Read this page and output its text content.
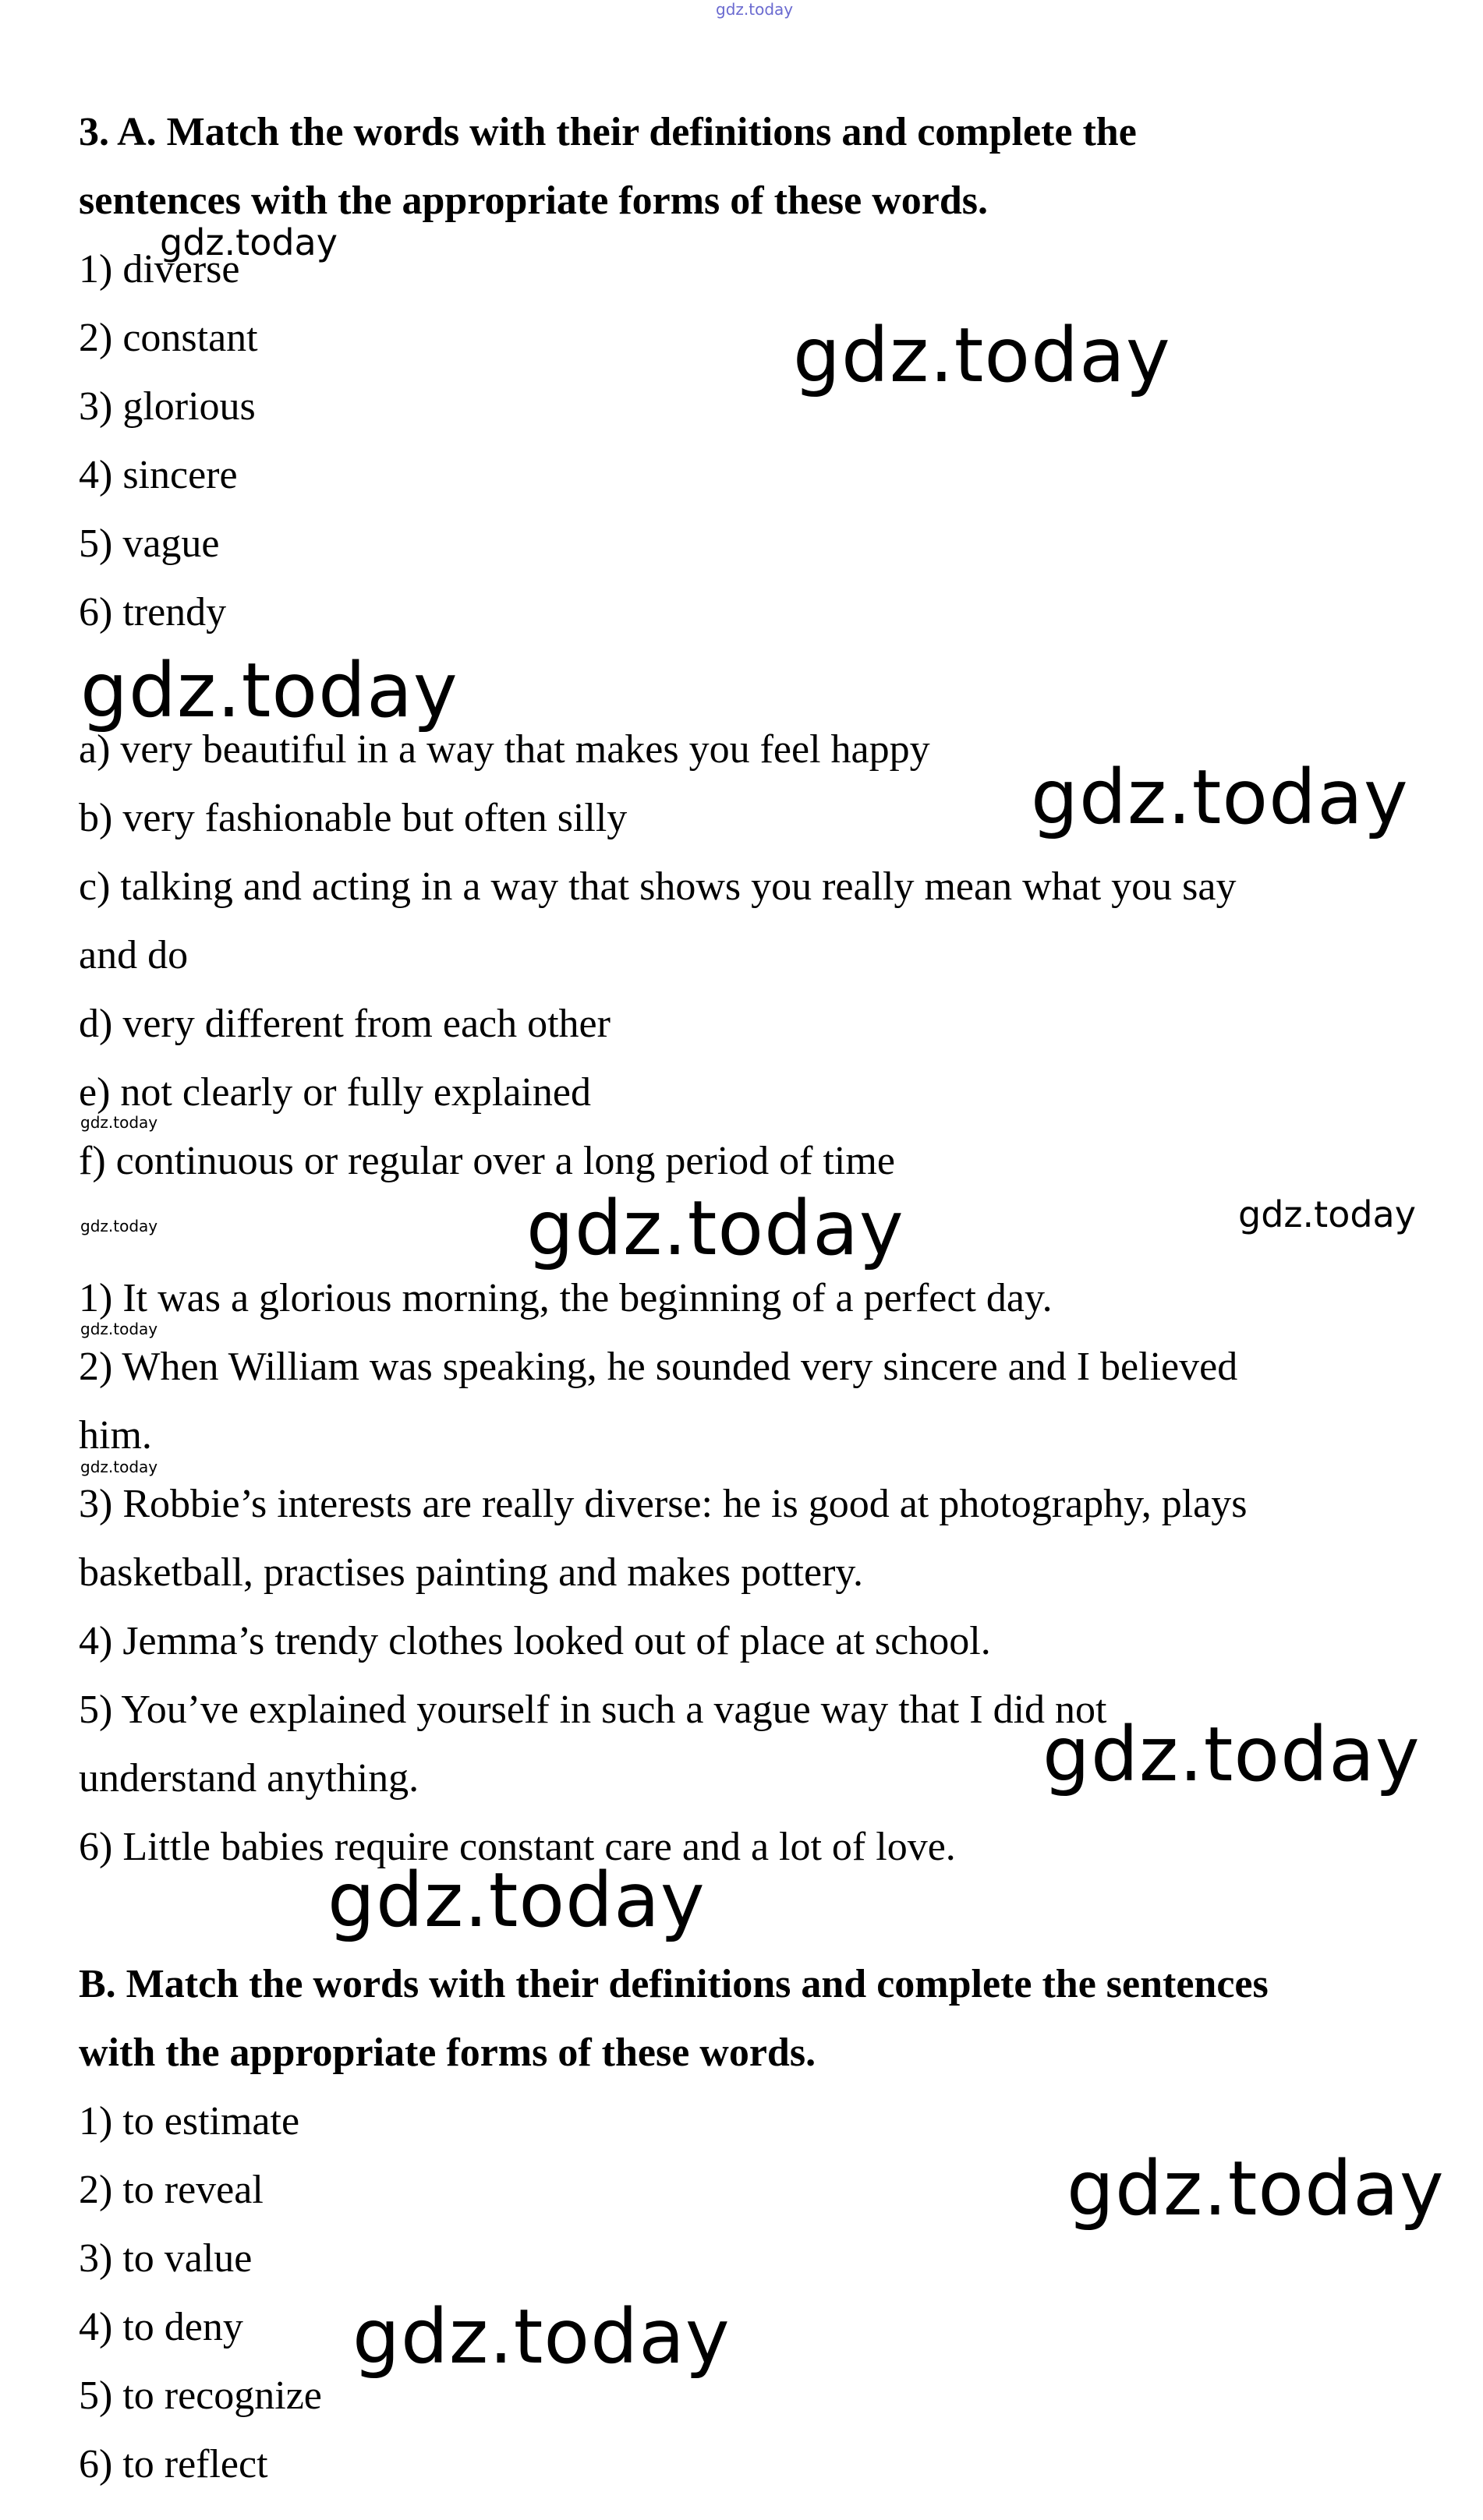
gdz.today
3. A. Match the words with their definitions and complete the
sentences with the appropriate forms of these words.
1) diverse
2) constant
3) glorious
4) sincere
5) vague
6) trendy
a) very beautiful in a way that makes you feel happy
b) very fashionable but often silly
c) talking and acting in a way that shows you really mean what you say
and do
d) very different from each other
e) not clearly or fully explained
f) continuous or regular over a long period of time
1) It was a glorious morning, the beginning of a perfect day.
2) When William was speaking, he sounded very sincere and I believed
him.
3) Robbie’s interests are really diverse: he is good at photography, plays
basketball, practises painting and makes pottery.
4) Jemma’s trendy clothes looked out of place at school.
5) You’ve explained yourself in such a vague way that I did not
understand anything.
6) Little babies require constant care and a lot of love.
B. Match the words with their definitions and complete the sentences
with the appropriate forms of these words.
1) to estimate
2) to reveal
3) to value
4) to deny
5) to recognize
6) to reflect
gdz.today
gdz.today
gdz.today
gdz.today
gdz.today
gdz.today	gdz.today	gdz.today
gdz.today
gdz.today
gdz.today
gdz.today
gdz.today
gdz.today
